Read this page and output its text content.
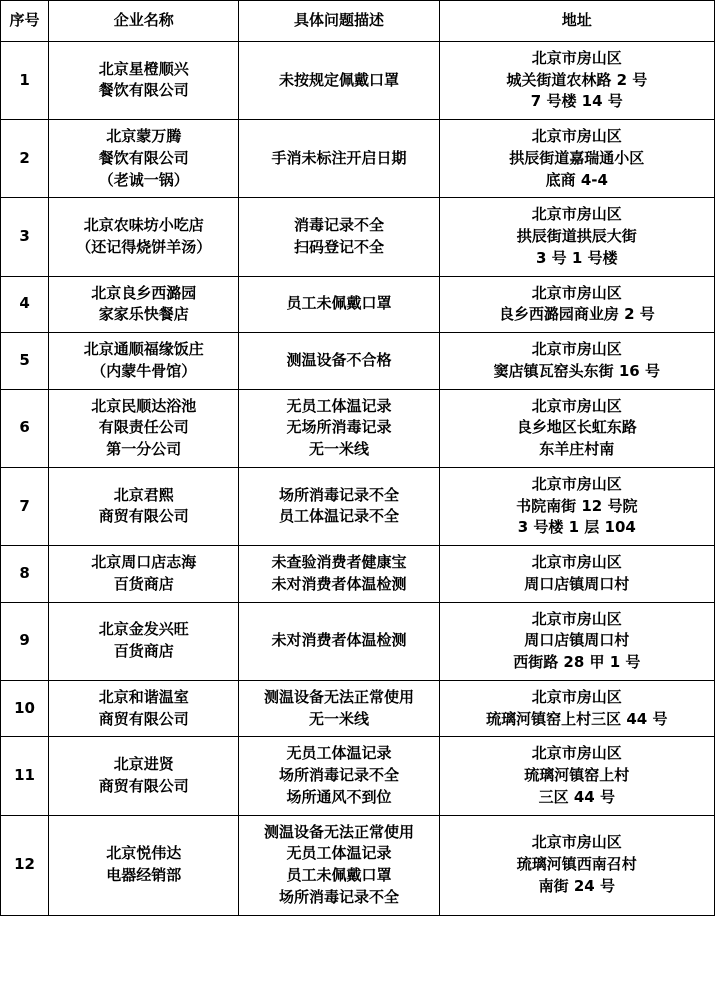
序号	企业名称	具体问题描述	地址
1	北京星橙顺兴
餐饮有限公司	未按规定佩戴口罩	北京市房山区
城关街道农林路 2 号
7 号楼 14 号

2	北京蒙万腾
餐饮有限公司
（老诚一锅）	手消未标注开启日期	北京市房山区
拱辰街道嘉瑞通小区
底商 4-4

3	北京农味坊小吃店
（还记得烧饼羊汤）	消毒记录不全
扫码登记不全	北京市房山区
拱辰街道拱辰大街
3 号 1 号楼

4	北京良乡西潞园
家家乐快餐店	员工未佩戴口罩	北京市房山区
良乡西潞园商业房 2 号

5	北京通顺福缘饭庄
（内蒙牛骨馆）	测温设备不合格	北京市房山区
窦店镇瓦窑头东街 16 号

6	北京民顺达浴池
有限责任公司
第一分公司	无员工体温记录
无场所消毒记录
无一米线	北京市房山区
良乡地区长虹东路
东羊庄村南

7	北京君熙
商贸有限公司	场所消毒记录不全
员工体温记录不全	北京市房山区
书院南街 12 号院
3 号楼 1 层 104

8	北京周口店志海
百货商店	未查验消费者健康宝
未对消费者体温检测	北京市房山区
周口店镇周口村

9	北京金发兴旺
百货商店	未对消费者体温检测	北京市房山区
周口店镇周口村
西街路 28 甲 1 号

10	北京和谐温室
商贸有限公司	测温设备无法正常使用
无一米线	北京市房山区
琉璃河镇窑上村三区 44 号

11	北京进贤
商贸有限公司	无员工体温记录
场所消毒记录不全
场所通风不到位	北京市房山区
琉璃河镇窑上村
三区 44 号

12	北京悦伟达
电器经销部	测温设备无法正常使用
无员工体温记录
员工未佩戴口罩
场所消毒记录不全	北京市房山区
琉璃河镇西南召村
南街 24 号
